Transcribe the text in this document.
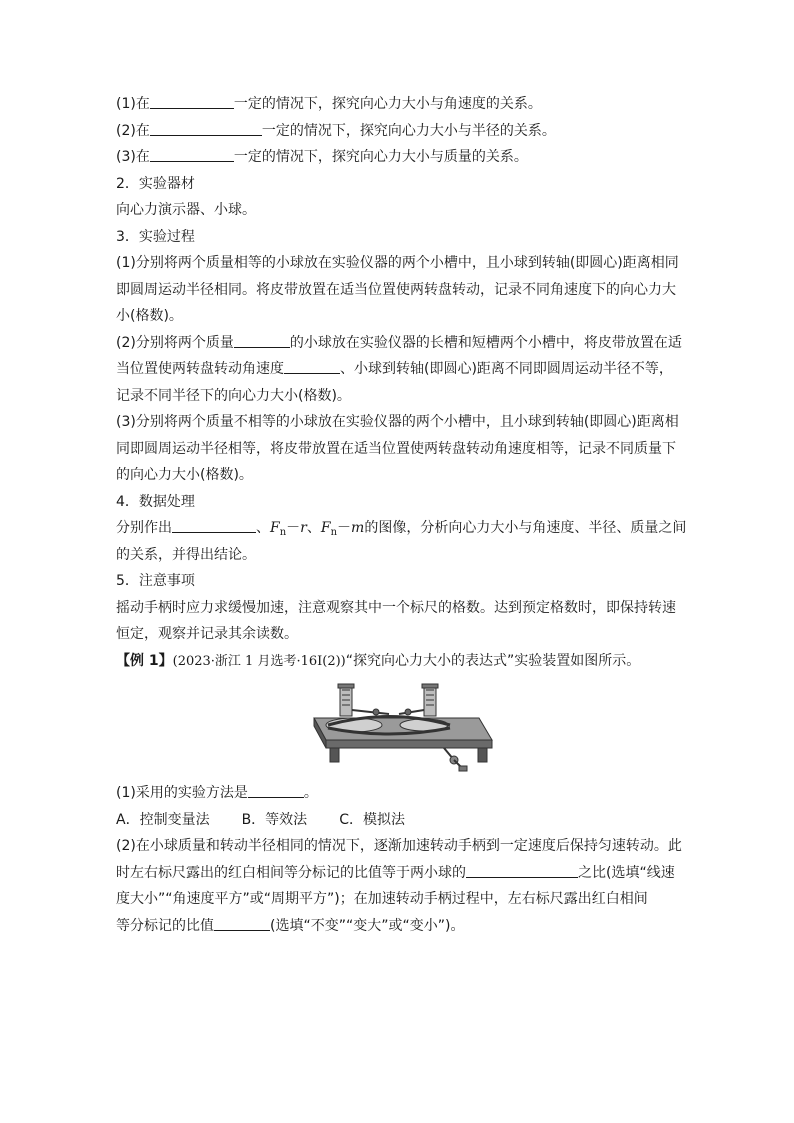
(1)在	一定的情况下，探究向心力大小与角速度的关系。
(2)在	一定的情况下，探究向心力大小与半径的关系。
(3)在	一定的情况下，探究向心力大小与质量的关系。
2．实验器材
向心力演示器、小球。
3．实验过程
(1)分别将两个质量相等的小球放在实验仪器的两个小槽中，且小球到转轴(即圆心)距离相同
即圆周运动半径相同。将皮带放置在适当位置使两转盘转动，记录不同角速度下的向心力大
小(格数)。
(2)分别将两个质量	的小球放在实验仪器的长槽和短槽两个小槽中，将皮带放置在适
当位置使两转盘转动角速度	、小球到转轴(即圆心)距离不同即圆周运动半径不等，
记录不同半径下的向心力大小(格数)。
(3)分别将两个质量不相等的小球放在实验仪器的两个小槽中，且小球到转轴(即圆心)距离相
同即圆周运动半径相等，将皮带放置在适当位置使两转盘转动角速度相等，记录不同质量下
的向心力大小(格数)。
4．数据处理
分别作出	、$F_n-r$、$F_n-m$的图像，分析向心力大小与角速度、半径、质量之间
的关系，并得出结论。
5．注意事项
摇动手柄时应力求缓慢加速，注意观察其中一个标尺的格数。达到预定格数时，即保持转速
恒定，观察并记录其余读数。
【例 1】(2023·浙江 1 月选考·16Ⅰ(2))“探究向心力大小的表达式”实验装置如图所示。
(1)采用的实验方法是	。
A．控制变量法 B．等效法 C．模拟法
(2)在小球质量和转动半径相同的情况下，逐渐加速转动手柄到一定速度后保持匀速转动。此
时左右标尺露出的红白相间等分标记的比值等于两小球的	之比(选填“线速
度大小”“角速度平方”或“周期平方”)；在加速转动手柄过程中，左右标尺露出红白相间
等分标记的比值	(选填“不变”“变大”或“变小”)。
